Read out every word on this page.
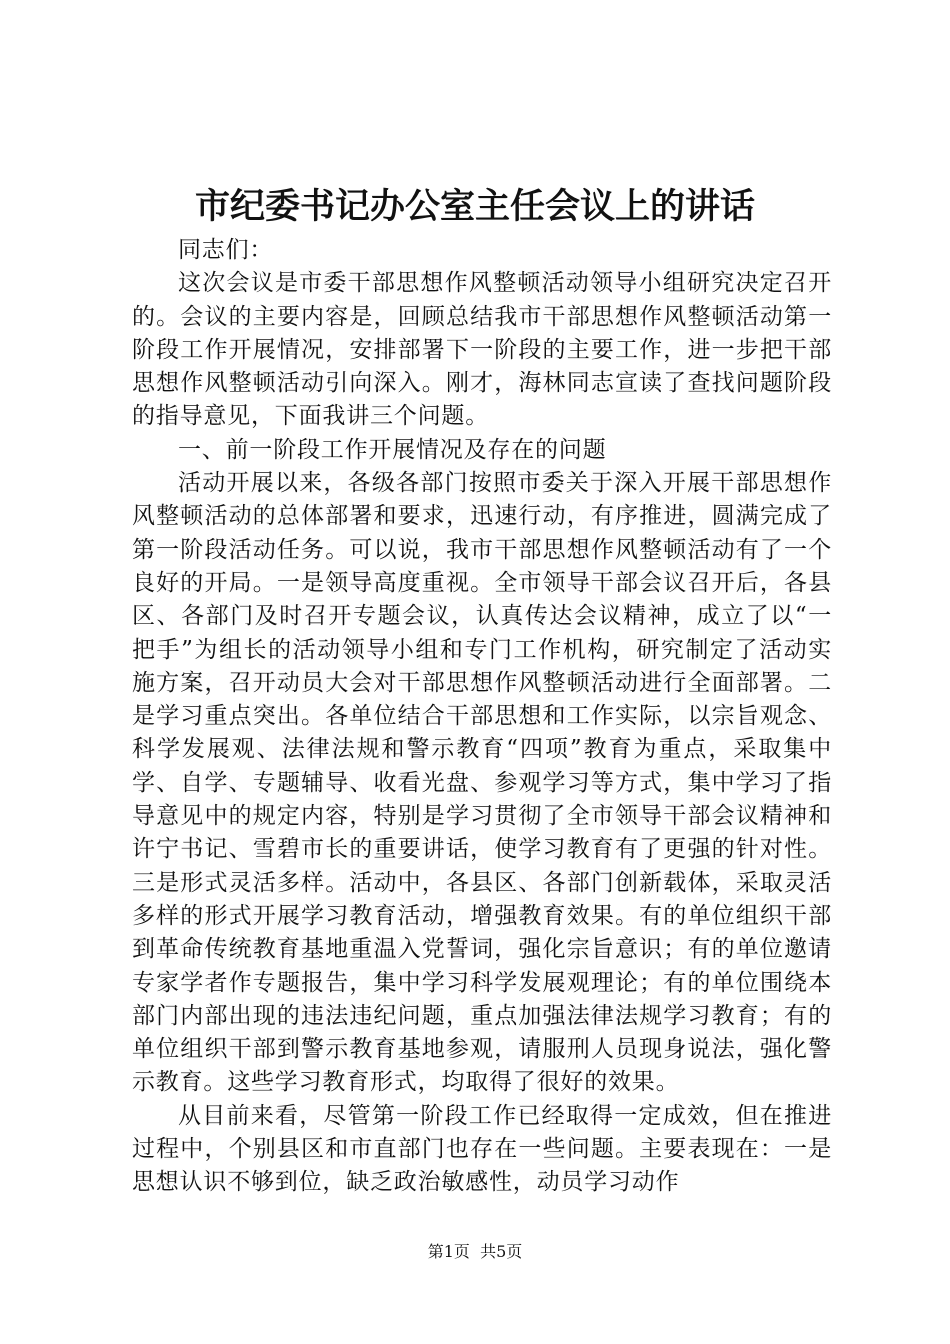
市纪委书记办公室主任会议上的讲话

同志们：

这次会议是市委干部思想作风整顿活动领导小组研究决定召开的。会议的主要内容是，回顾总结我市干部思想作风整顿活动第一阶段工作开展情况，安排部署下一阶段的主要工作，进一步把干部思想作风整顿活动引向深入。刚才，海林同志宣读了查找问题阶段的指导意见，下面我讲三个问题。

一、前一阶段工作开展情况及存在的问题

活动开展以来，各级各部门按照市委关于深入开展干部思想作风整顿活动的总体部署和要求，迅速行动，有序推进，圆满完成了第一阶段活动任务。可以说，我市干部思想作风整顿活动有了一个良好的开局。一是领导高度重视。全市领导干部会议召开后，各县区、各部门及时召开专题会议，认真传达会议精神，成立了以“一把手”为组长的活动领导小组和专门工作机构，研究制定了活动实施方案，召开动员大会对干部思想作风整顿活动进行全面部署。二是学习重点突出。各单位结合干部思想和工作实际，以宗旨观念、科学发展观、法律法规和警示教育“四项”教育为重点，采取集中学、自学、专题辅导、收看光盘、参观学习等方式，集中学习了指导意见中的规定内容，特别是学习贯彻了全市领导干部会议精神和许宁书记、雪碧市长的重要讲话，使学习教育有了更强的针对性。三是形式灵活多样。活动中，各县区、各部门创新载体，采取灵活多样的形式开展学习教育活动，增强教育效果。有的单位组织干部到革命传统教育基地重温入党誓词，强化宗旨意识；有的单位邀请专家学者作专题报告，集中学习科学发展观理论；有的单位围绕本部门内部出现的违法违纪问题，重点加强法律法规学习教育；有的单位组织干部到警示教育基地参观，请服刑人员现身说法，强化警示教育。这些学习教育形式，均取得了很好的效果。

从目前来看，尽管第一阶段工作已经取得一定成效，但在推进过程中，个别县区和市直部门也存在一些问题。主要表现在：一是思想认识不够到位，缺乏政治敏感性，动员学习动作

第1页 共5页
